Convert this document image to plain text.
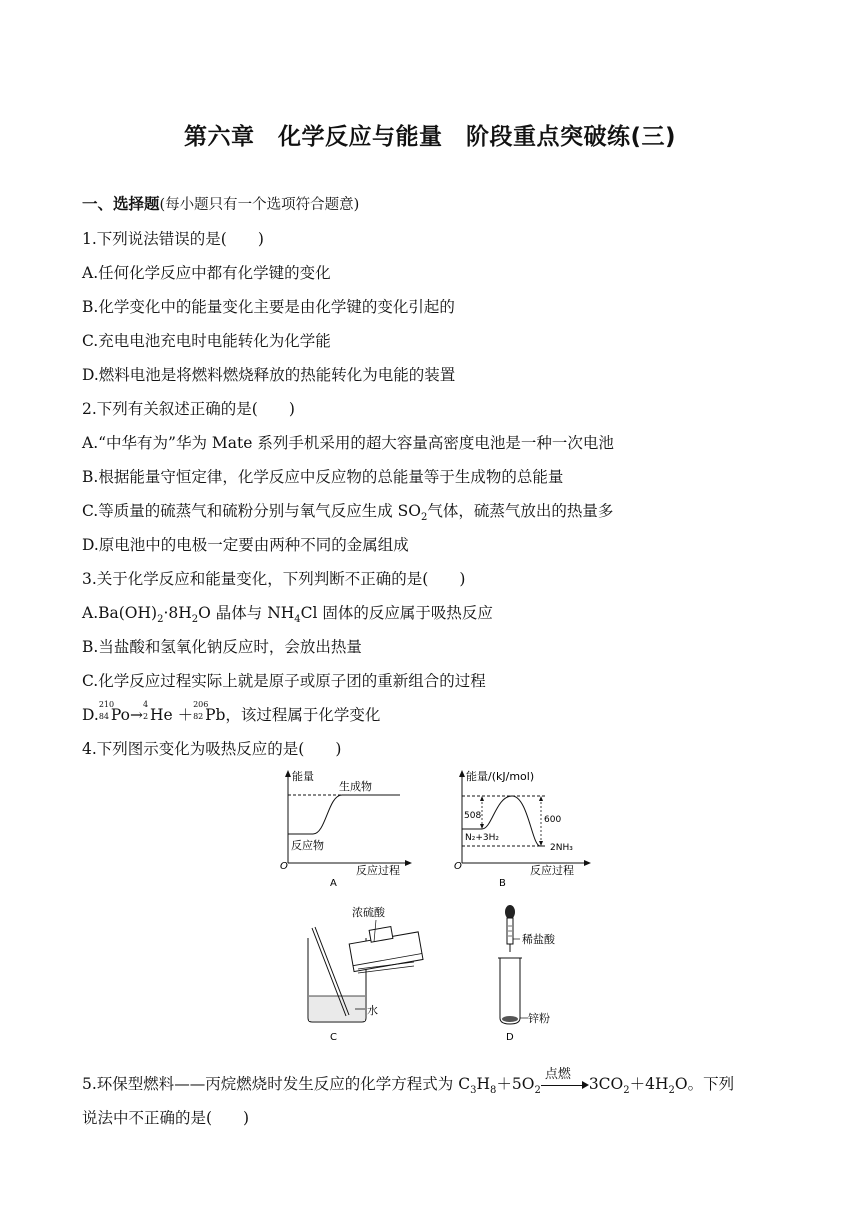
第六章　化学反应与能量　阶段重点突破练(三)
一、选择题(每小题只有一个选项符合题意)
1.下列说法错误的是(　　)
A.任何化学反应中都有化学键的变化
B.化学变化中的能量变化主要是由化学键的变化引起的
C.充电电池充电时电能转化为化学能
D.燃料电池是将燃料燃烧释放的热能转化为电能的装置
2.下列有关叙述正确的是(　　)
A.“中华有为”华为 Mate 系列手机采用的超大容量高密度电池是一种一次电池
B.根据能量守恒定律，化学反应中反应物的总能量等于生成物的总能量
C.等质量的硫蒸气和硫粉分别与氧气反应生成 $SO_2$气体，硫蒸气放出的热量多
D.原电池中的电极一定要由两种不同的金属组成
3.关于化学反应和能量变化，下列判断不正确的是(　　)
$A.Ba(OH)_2\cdot 8H_2O$ 晶体与 $NH_4Cl$ 固体的反应属于吸热反应
B.当盐酸和氢氧化钠反应时，会放出热量
C.化学反应过程实际上就是原子或原子团的重新组合的过程
D.
210
84 Po→
4
2 He ＋
206
82 Pb，该过程属于化学变化
4.下列图示变化为吸热反应的是(　　)
能量
生成物
反应物
O	反应过程
A
能量/(kJ/mol)
508	600
N₂+3H₂
2NH₃
O	反应过程
B
浓硫酸
水
C
稀盐酸
锌粉
D
5.环保型燃料——丙烷燃烧时发生反应的化学方程式为 $C_3H_8+5O_2$
点燃
$3CO_2+4H_2O$。下列
说法中不正确的是(　　)
